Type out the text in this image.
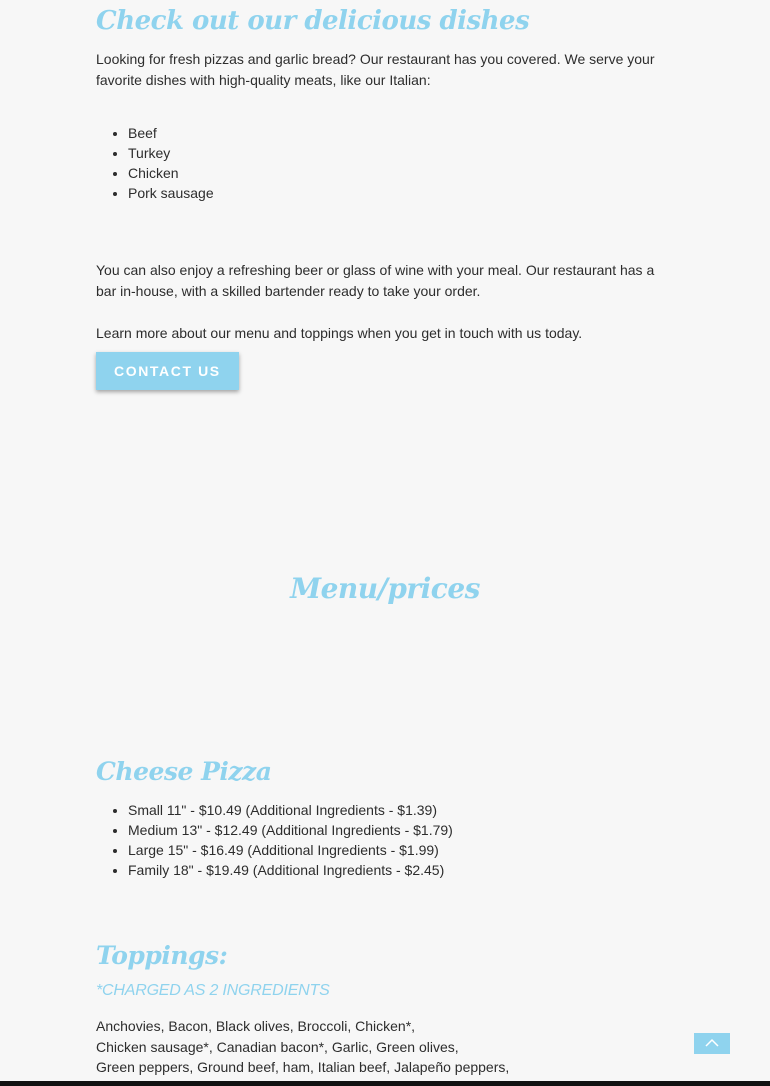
Check out our delicious dishes

Looking for fresh pizzas and garlic bread? Our restaurant has you covered. We serve your favorite dishes with high-quality meats, like our Italian:

• Beef
• Turkey
• Chicken
• Pork sausage

You can also enjoy a refreshing beer or glass of wine with your meal. Our restaurant has a bar in-house, with a skilled bartender ready to take your order.

Learn more about our menu and toppings when you get in touch with us today.

CONTACT US
Menu/prices
Cheese Pizza
• Small 11" - $10.49 (Additional Ingredients - $1.39)
• Medium 13" - $12.49 (Additional Ingredients - $1.79)
• Large 15" - $16.49 (Additional Ingredients - $1.99)
• Family 18" - $19.49 (Additional Ingredients - $2.45)
Toppings:
*CHARGED AS 2 INGREDIENTS

Anchovies, Bacon, Black olives, Broccoli, Chicken*,

Chicken sausage*, Canadian bacon*, Garlic, Green olives,

Green peppers, Ground beef, ham, Italian beef, Jalapeño peppers,
